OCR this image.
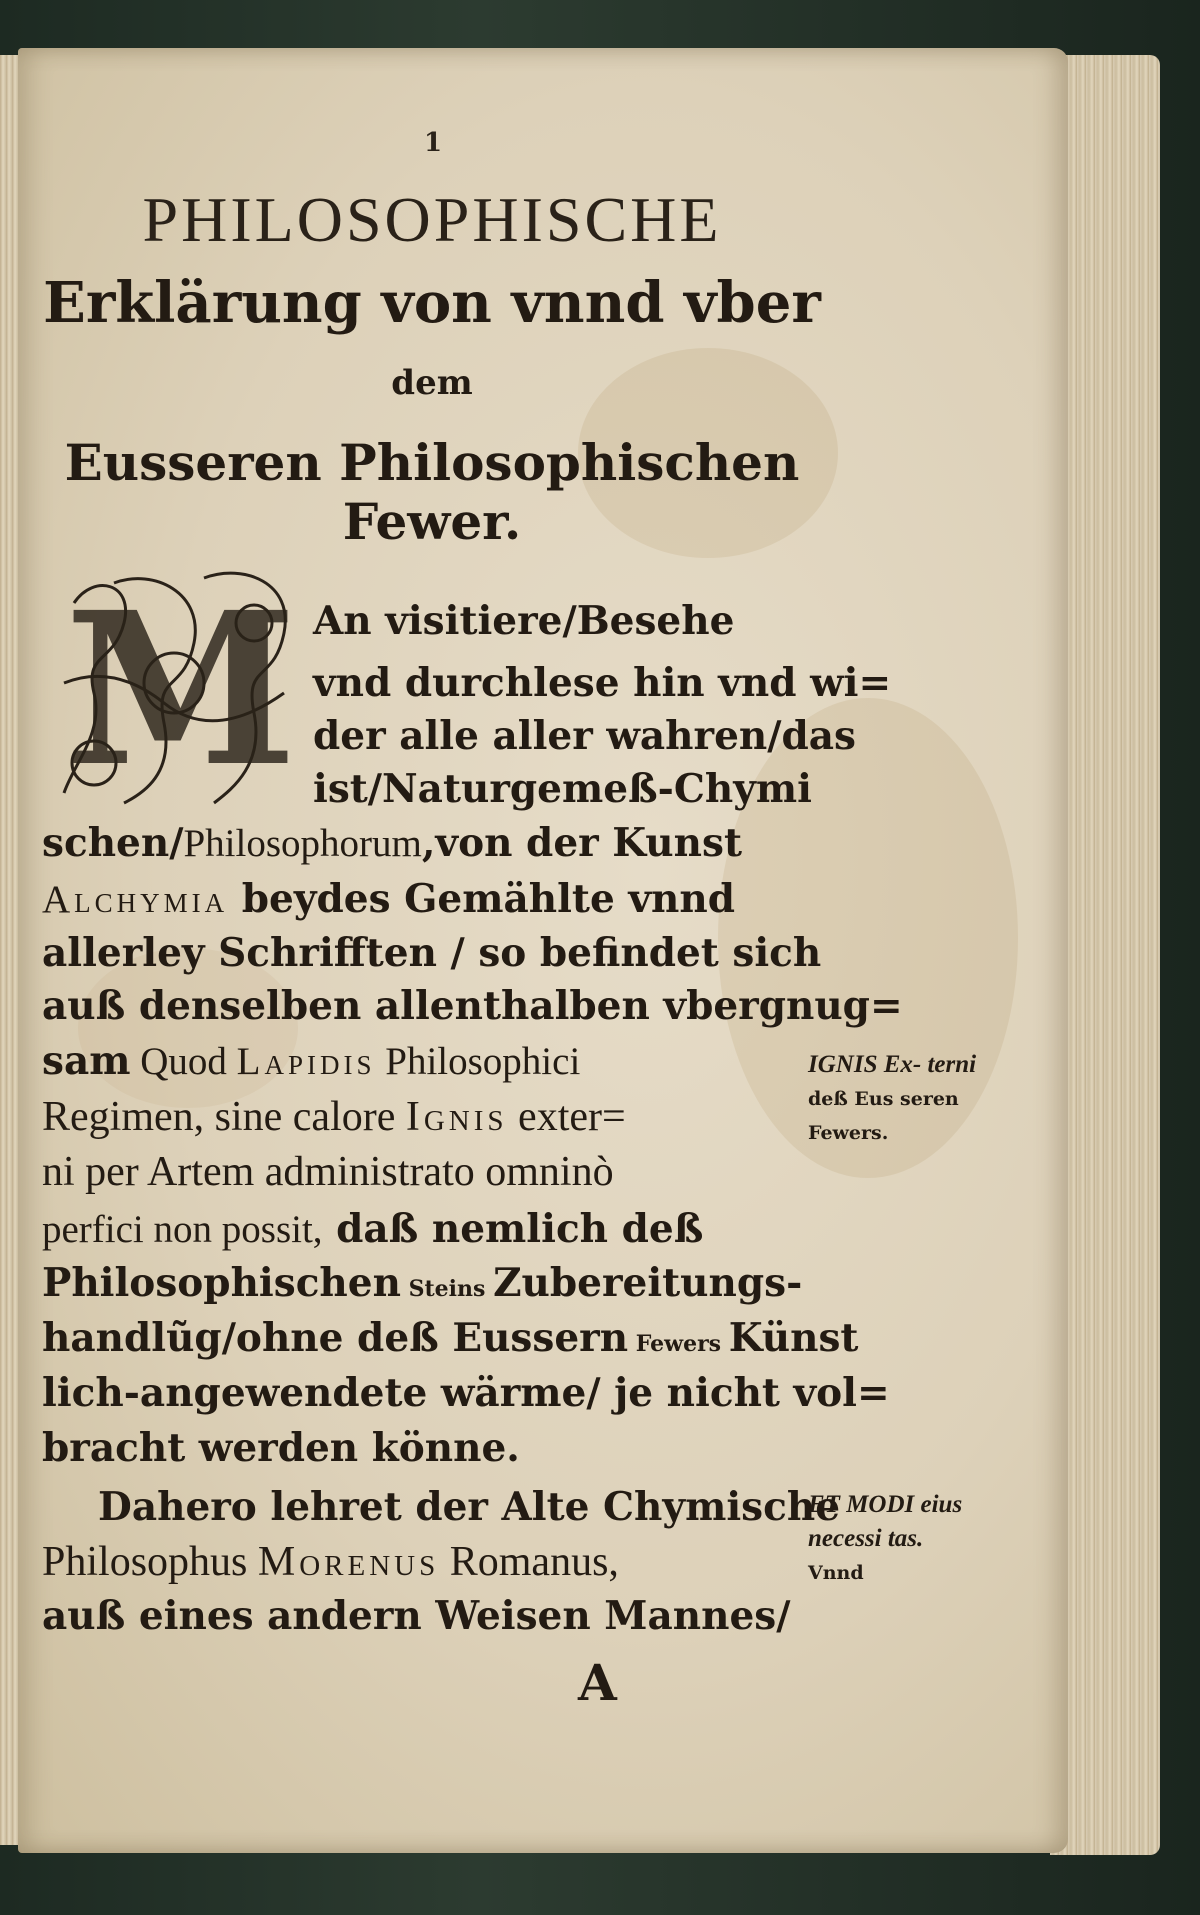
1
PHILOSOPHISCHE
Erklärung von vnnd vber
dem
Eusseren Philosophischen Fewer.
M An visitiere/Besehe
vnd durchlese hin vnd wi=
der alle aller wahren/das
ist/Naturgemeß-Chymi
schen/Philosophorum,von der Kunst
Alchymia beydes Gemählte vnnd
allerley Schrifften / so befindet sich
auß denselben allenthalben vbergnug=
sam Quod Lapidis Philosophici
Regimen, sine calore Ignis exter=
ni per Artem administrato omninò
perfici non possit, daß nemlich deß
Philosophischen Steins Zubereitungs-
handlũg/ohne deß Eussern Fewers Künst
lich-angewendete wärme/ je nicht vol=
bracht werden könne.
Dahero lehret der Alte Chymische
Philosophus Morenus Romanus,
auß eines andern Weisen Mannes/
IGNIS Ex- terni
deß Eus seren Fewers.
ET MODI eius necessi tas.
Vnnd
A
